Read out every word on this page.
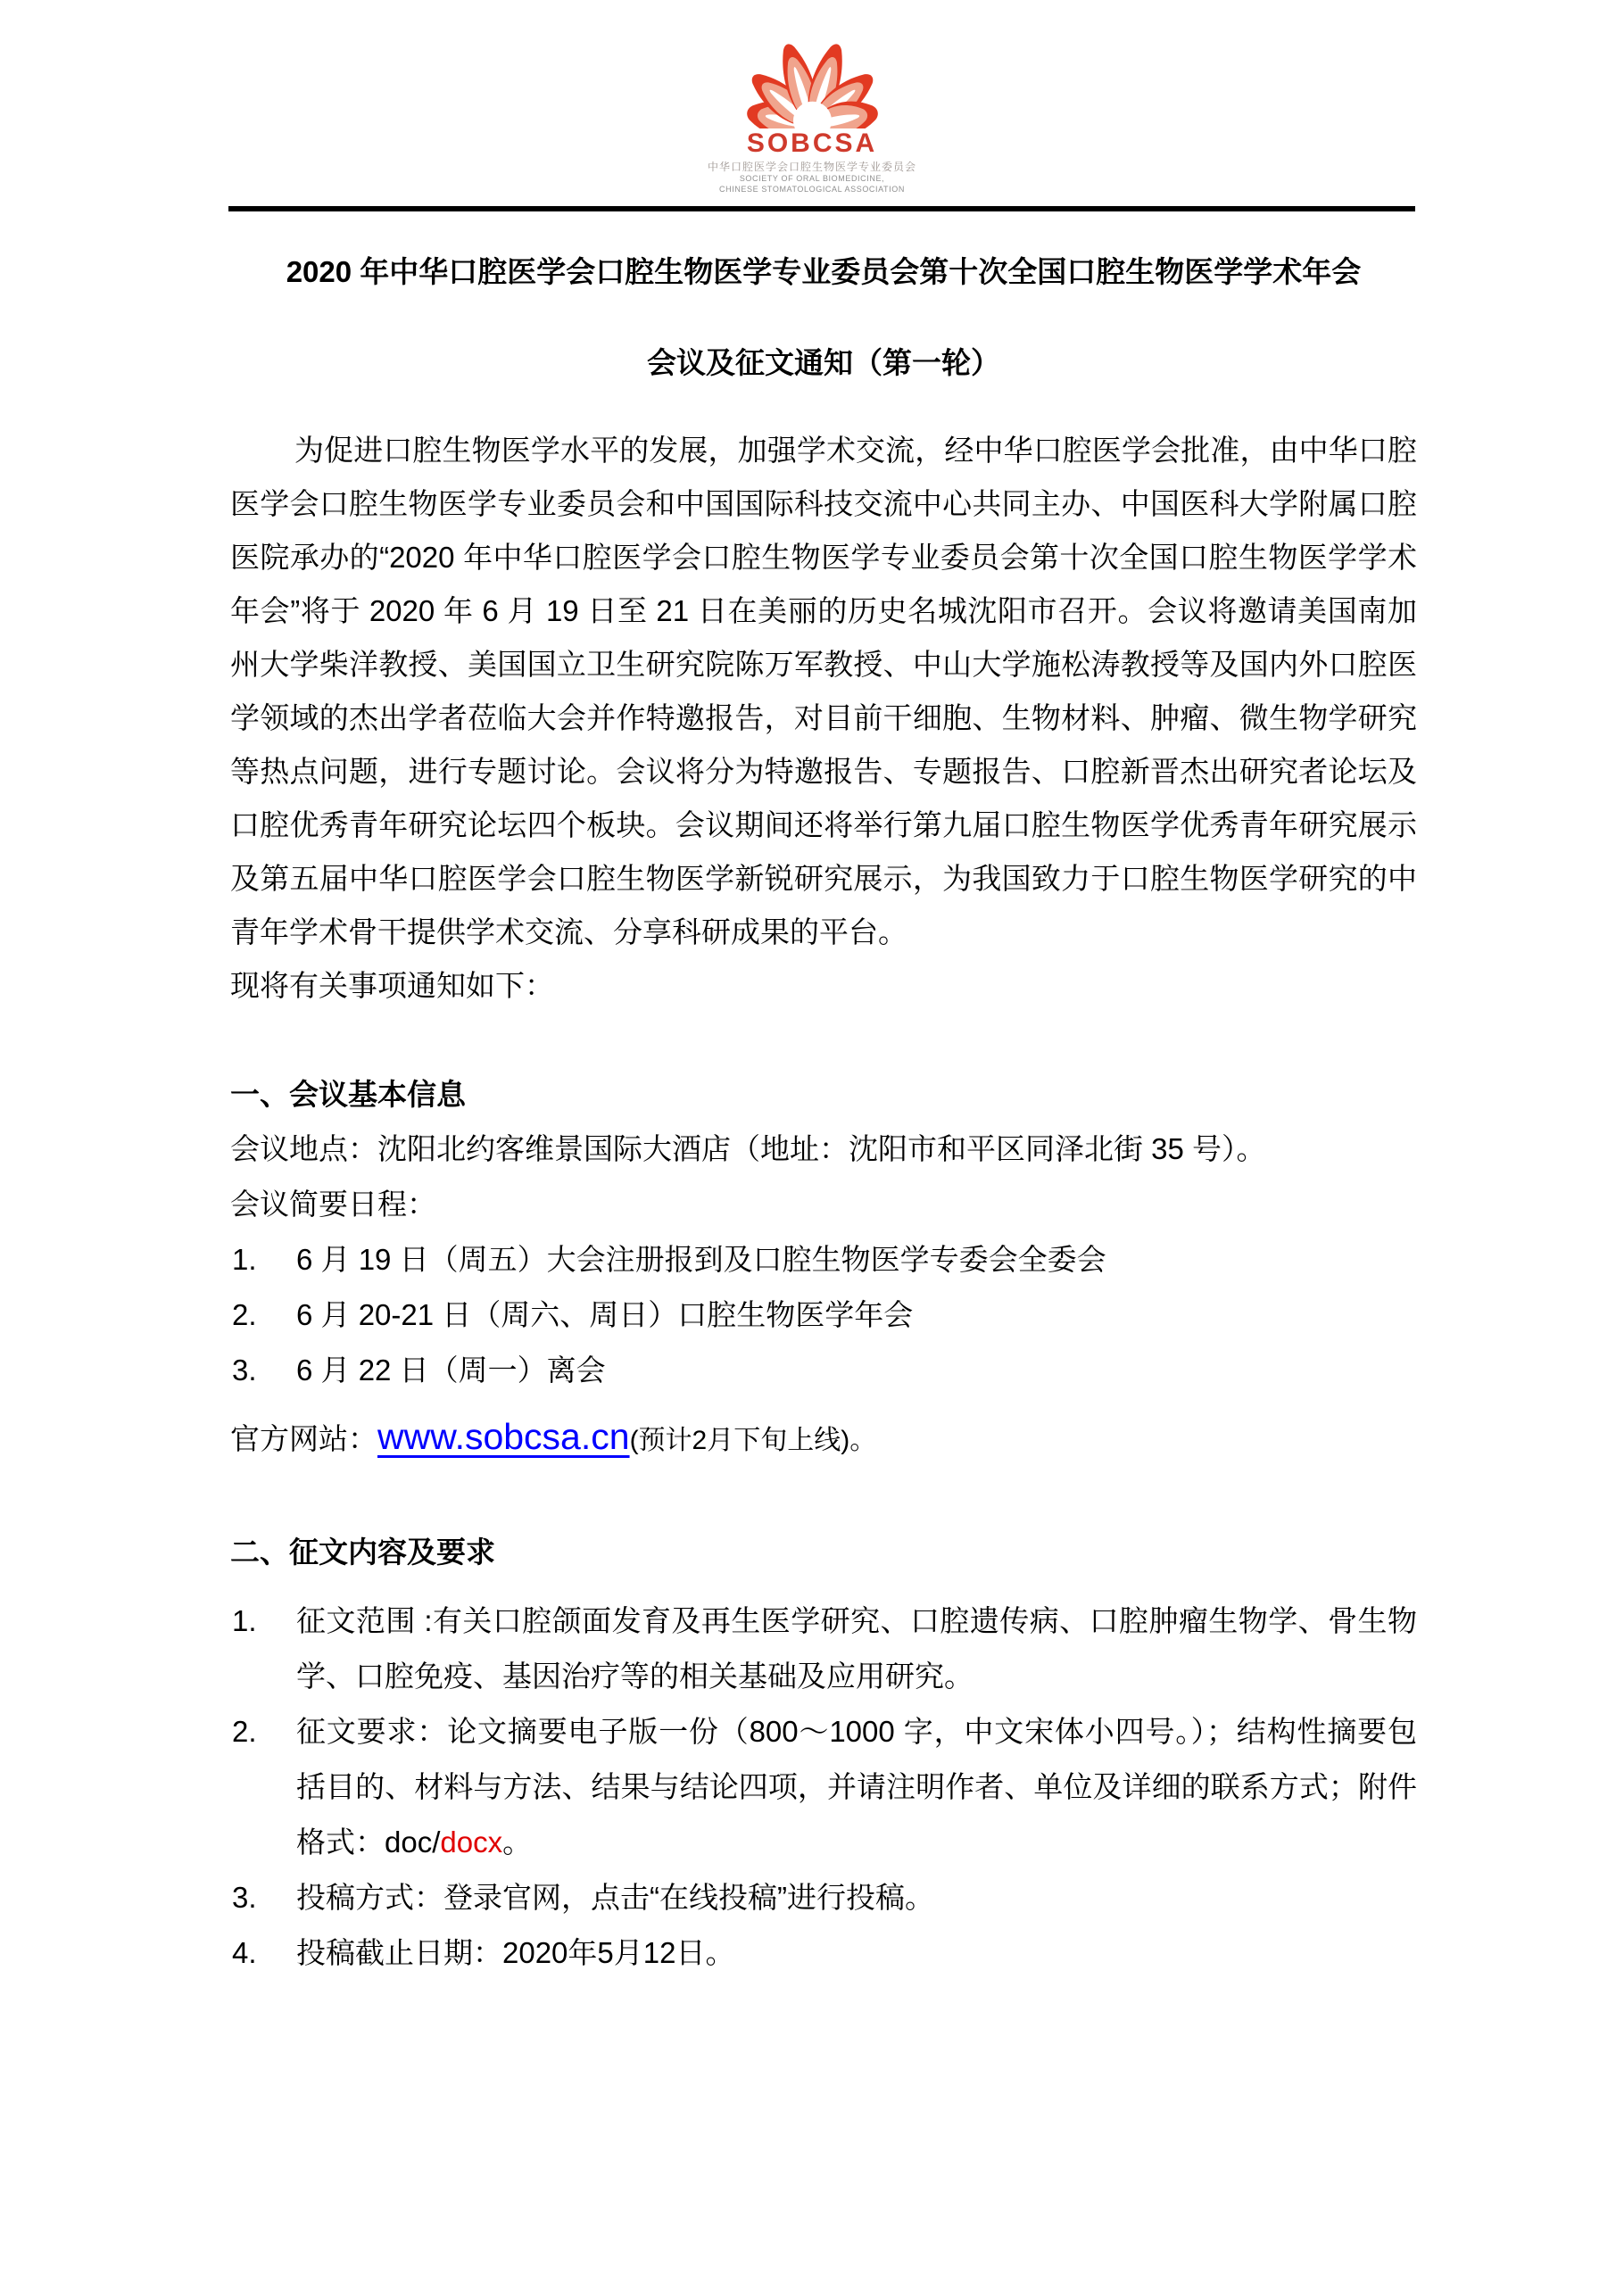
SOBCSA
中华口腔医学会口腔生物医学专业委员会
SOCIETY OF ORAL BIOMEDICINE,
CHINESE STOMATOLOGICAL ASSOCIATION
2020 年中华口腔医学会口腔生物医学专业委员会第十次全国口腔生物医学学术年会
会议及征文通知（第一轮）

为促进口腔生物医学水平的发展，加强学术交流，经中华口腔医学会批准，由中华口腔医学会口腔生物医学专业委员会和中国国际科技交流中心共同主办、中国医科大学附属口腔医院承办的“2020 年中华口腔医学会口腔生物医学专业委员会第十次全国口腔生物医学学术年会”将于 2020 年 6 月 19 日至 21 日在美丽的历史名城沈阳市召开。会议将邀请美国南加州大学柴洋教授、美国国立卫生研究院陈万军教授、中山大学施松涛教授等及国内外口腔医学领域的杰出学者莅临大会并作特邀报告，对目前干细胞、生物材料、肿瘤、微生物学研究等热点问题，进行专题讨论。会议将分为特邀报告、专题报告、口腔新晋杰出研究者论坛及口腔优秀青年研究论坛四个板块。会议期间还将举行第九届口腔生物医学优秀青年研究展示及第五届中华口腔医学会口腔生物医学新锐研究展示，为我国致力于口腔生物医学研究的中青年学术骨干提供学术交流、分享科研成果的平台。

现将有关事项通知如下：

一、会议基本信息

会议地点：沈阳北约客维景国际大酒店（地址：沈阳市和平区同泽北街 35 号）。

会议简要日程：

1. 6 月 19 日（周五）大会注册报到及口腔生物医学专委会全委会
2. 6 月 20-21 日（周六、周日）口腔生物医学年会
3. 6 月 22 日（周一）离会

官方网站：www.sobcsa.cn(预计2月下旬上线)。

二、征文内容及要求
1. 征文范围 :有关口腔颌面发育及再生医学研究、口腔遗传病、口腔肿瘤生物学、骨生物学、口腔免疫、基因治疗等的相关基础及应用研究。
2. 征文要求：论文摘要电子版一份（800～1000 字，中文宋体小四号。）；结构性摘要包括目的、材料与方法、结果与结论四项，并请注明作者、单位及详细的联系方式；附件格式：doc/docx。
3. 投稿方式：登录官网，点击“在线投稿”进行投稿。
4. 投稿截止日期：2020年5月12日。
